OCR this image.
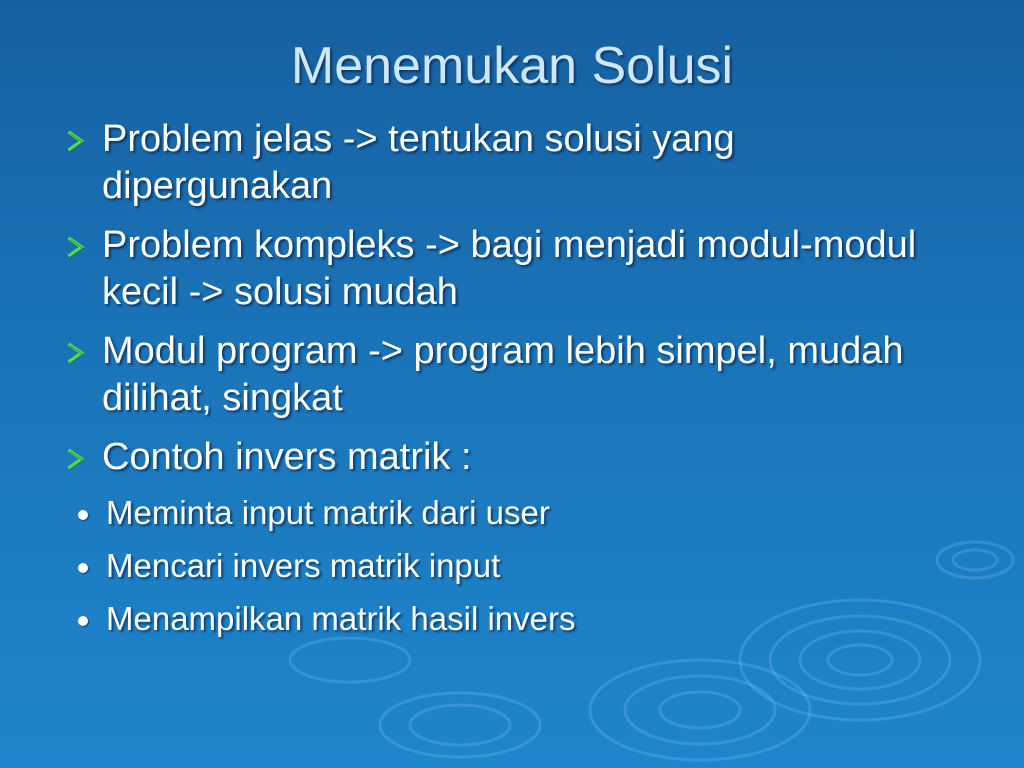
Menemukan Solusi
Problem jelas -> tentukan solusi yang dipergunakan
Problem kompleks -> bagi menjadi modul-modul kecil -> solusi mudah
Modul program -> program lebih simpel, mudah dilihat, singkat
Contoh invers matrik :
Meminta input matrik dari user
Mencari invers matrik input
Menampilkan matrik hasil invers
